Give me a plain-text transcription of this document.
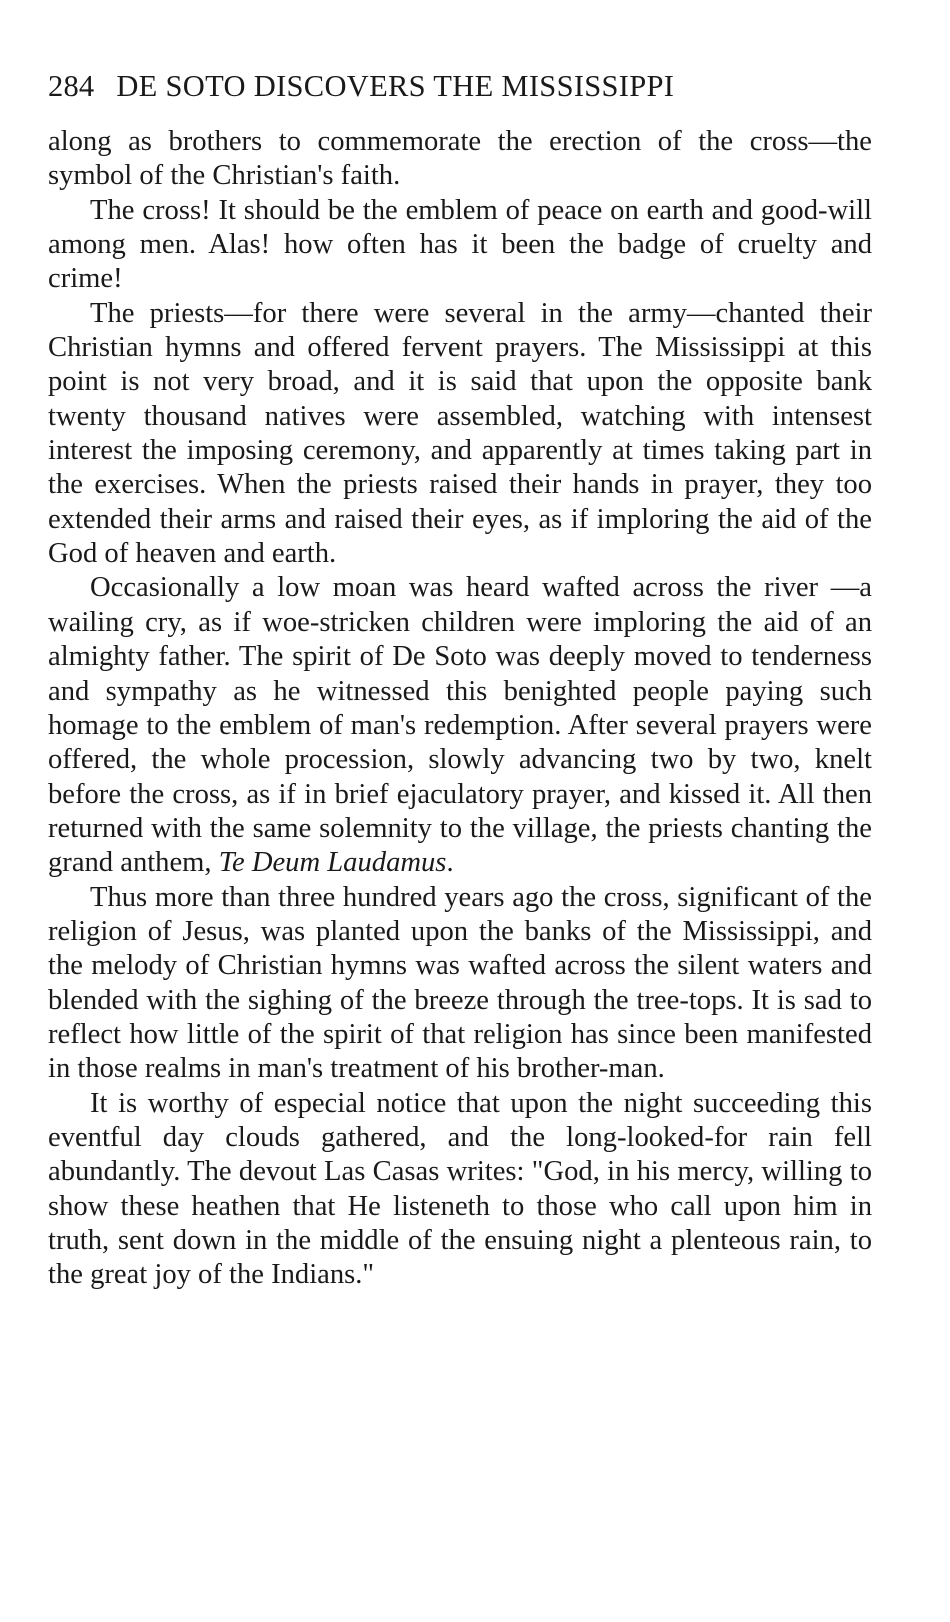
284 DE SOTO DISCOVERS THE MISSISSIPPI

along as brothers to commemorate the erection of the cross—the symbol of the Christian's faith.

The cross! It should be the emblem of peace on earth and good-will among men. Alas! how often has it been the badge of cruelty and crime!

The priests—for there were several in the army—chanted their Christian hymns and offered fervent prayers. The Mississippi at this point is not very broad, and it is said that upon the opposite bank twenty thousand natives were assembled, watching with intensest interest the imposing ceremony, and apparently at times taking part in the exercises. When the priests raised their hands in prayer, they too extended their arms and raised their eyes, as if imploring the aid of the God of heaven and earth.

Occasionally a low moan was heard wafted across the river —a wailing cry, as if woe-stricken children were imploring the aid of an almighty father. The spirit of De Soto was deeply moved to tenderness and sympathy as he witnessed this benighted people paying such homage to the emblem of man's redemption. After several prayers were offered, the whole procession, slowly advancing two by two, knelt before the cross, as if in brief ejaculatory prayer, and kissed it. All then returned with the same solemnity to the village, the priests chanting the grand anthem, Te Deum Laudamus.

Thus more than three hundred years ago the cross, significant of the religion of Jesus, was planted upon the banks of the Mississippi, and the melody of Christian hymns was wafted across the silent waters and blended with the sighing of the breeze through the tree-tops. It is sad to reflect how little of the spirit of that religion has since been manifested in those realms in man's treatment of his brother-man.

It is worthy of especial notice that upon the night succeeding this eventful day clouds gathered, and the long-looked-for rain fell abundantly. The devout Las Casas writes: "God, in his mercy, willing to show these heathen that He listeneth to those who call upon him in truth, sent down in the middle of the ensuing night a plenteous rain, to the great joy of the Indians."
